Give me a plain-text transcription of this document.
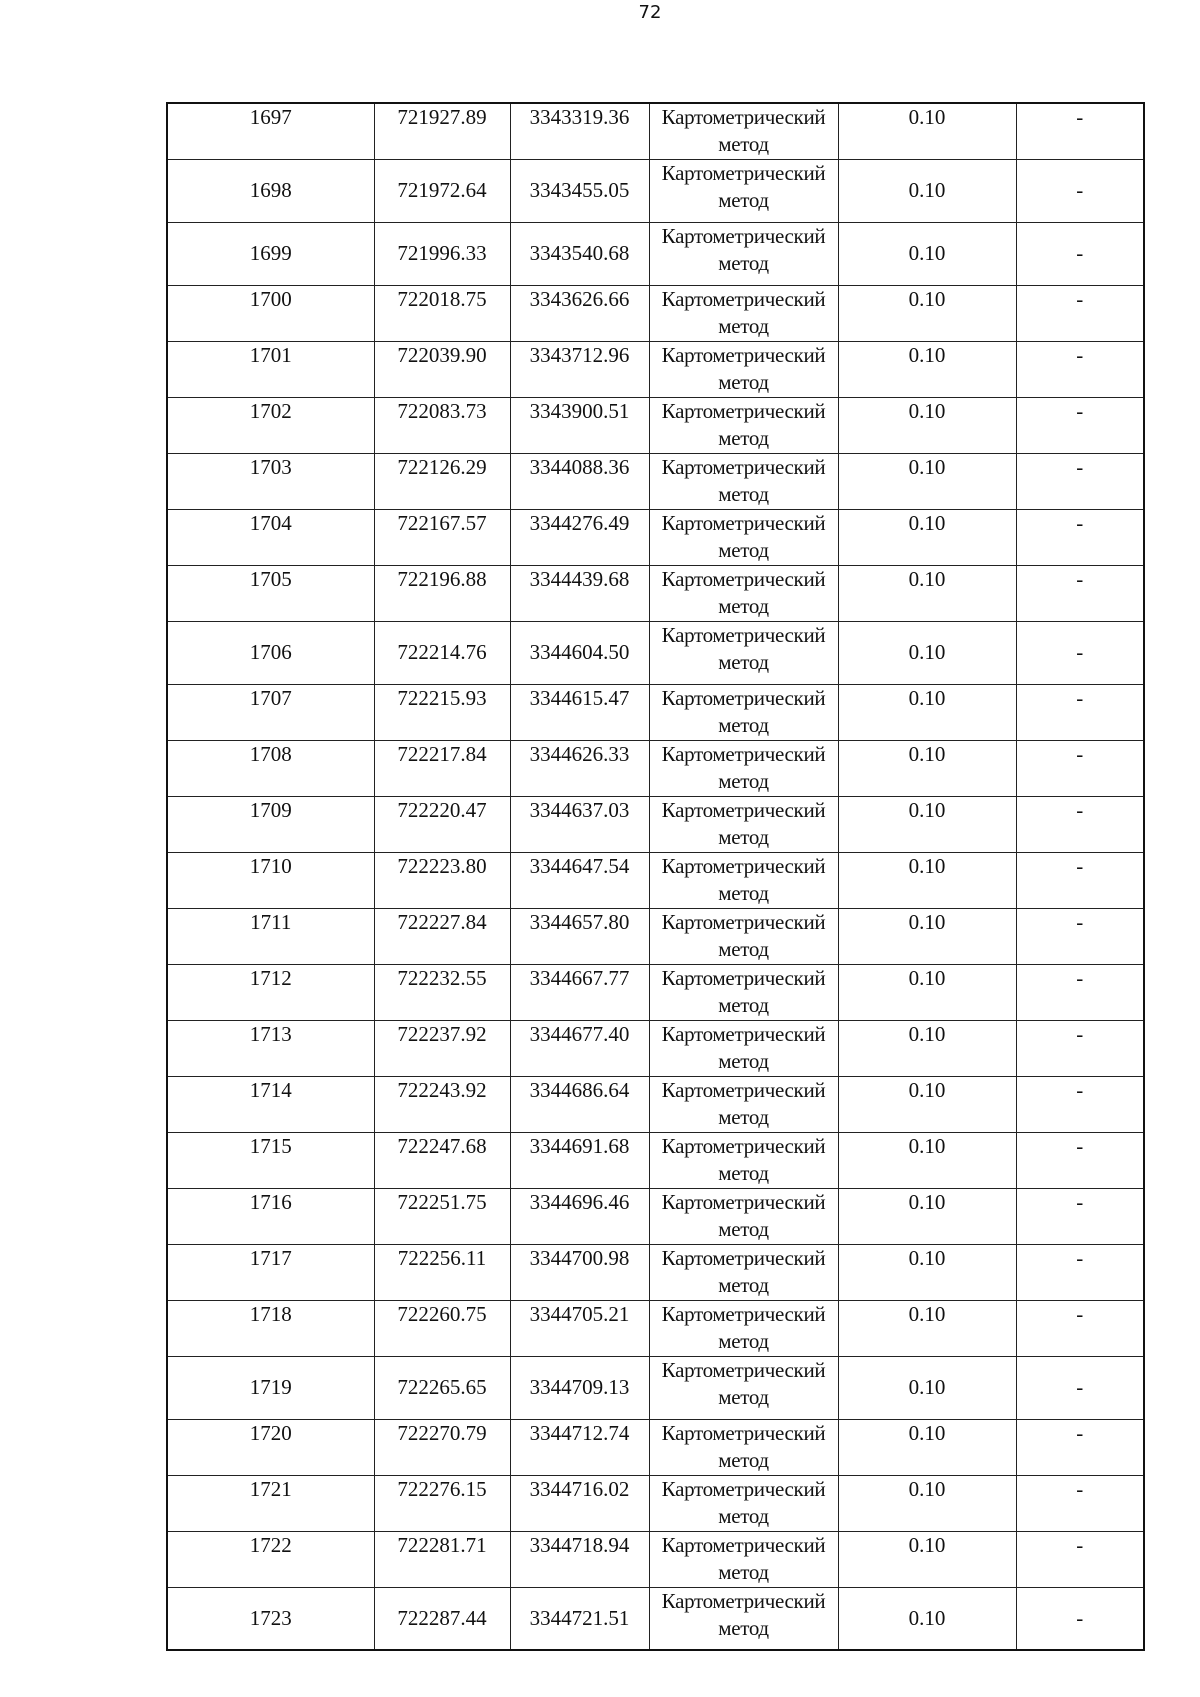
72
1697	721927.89	3343319.36	Картометрический
метод	0.10	-
1698	721972.64	3343455.05	Картометрический
метод	0.10	-
1699	721996.33	3343540.68	Картометрический
метод	0.10	-
1700	722018.75	3343626.66	Картометрический
метод	0.10	-
1701	722039.90	3343712.96	Картометрический
метод	0.10	-
1702	722083.73	3343900.51	Картометрический
метод	0.10	-
1703	722126.29	3344088.36	Картометрический
метод	0.10	-
1704	722167.57	3344276.49	Картометрический
метод	0.10	-
1705	722196.88	3344439.68	Картометрический
метод	0.10	-
1706	722214.76	3344604.50	Картометрический
метод	0.10	-
1707	722215.93	3344615.47	Картометрический
метод	0.10	-
1708	722217.84	3344626.33	Картометрический
метод	0.10	-
1709	722220.47	3344637.03	Картометрический
метод	0.10	-
1710	722223.80	3344647.54	Картометрический
метод	0.10	-
1711	722227.84	3344657.80	Картометрический
метод	0.10	-
1712	722232.55	3344667.77	Картометрический
метод	0.10	-
1713	722237.92	3344677.40	Картометрический
метод	0.10	-
1714	722243.92	3344686.64	Картометрический
метод	0.10	-
1715	722247.68	3344691.68	Картометрический
метод	0.10	-
1716	722251.75	3344696.46	Картометрический
метод	0.10	-
1717	722256.11	3344700.98	Картометрический
метод	0.10	-
1718	722260.75	3344705.21	Картометрический
метод	0.10	-
1719	722265.65	3344709.13	Картометрический
метод	0.10	-
1720	722270.79	3344712.74	Картометрический
метод	0.10	-
1721	722276.15	3344716.02	Картометрический
метод	0.10	-
1722	722281.71	3344718.94	Картометрический
метод	0.10	-
1723	722287.44	3344721.51	Картометрический
метод	0.10	-
